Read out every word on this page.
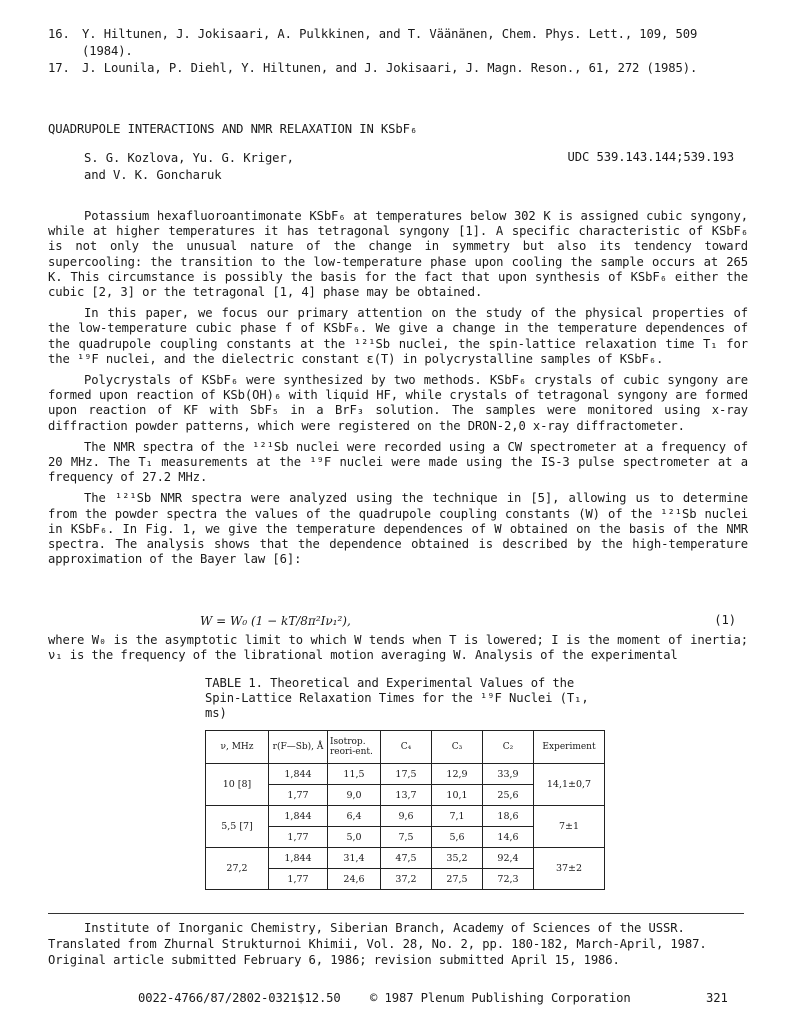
16.	Y. Hiltunen, J. Jokisaari, A. Pulkkinen, and T. Väänänen, Chem. Phys. Lett., 109, 509 (1984).
17.	J. Lounila, P. Diehl, Y. Hiltunen, and J. Jokisaari, J. Magn. Reson., 61, 272 (1985).
QUADRUPOLE INTERACTIONS AND NMR RELAXATION IN KSbF₆
S. G. Kozlova, Yu. G. Kriger,
and V. K. Goncharuk
UDC 539.143.144;539.193

Potassium hexafluoroantimonate KSbF₆ at temperatures below 302 K is assigned cubic syngony, while at higher temperatures it has tetragonal syngony [1]. A specific characteristic of KSbF₆ is not only the unusual nature of the change in symmetry but also its tendency toward supercooling: the transition to the low-temperature phase upon cooling the sample occurs at 265 K. This circumstance is possibly the basis for the fact that upon synthesis of KSbF₆ either the cubic [2, 3] or the tetragonal [1, 4] phase may be obtained.

In this paper, we focus our primary attention on the study of the physical properties of the low-temperature cubic phase f of KSbF₆. We give a change in the temperature dependences of the quadrupole coupling constants at the ¹²¹Sb nuclei, the spin-lattice relaxation time T₁ for the ¹⁹F nuclei, and the dielectric constant ε(T) in polycrystalline samples of KSbF₆.

Polycrystals of KSbF₆ were synthesized by two methods. KSbF₆ crystals of cubic syngony are formed upon reaction of KSb(OH)₆ with liquid HF, while crystals of tetragonal syngony are formed upon reaction of KF with SbF₅ in a BrF₃ solution. The samples were monitored using x-ray diffraction powder patterns, which were registered on the DRON-2,0 x-ray diffractometer.

The NMR spectra of the ¹²¹Sb nuclei were recorded using a CW spectrometer at a frequency of 20 MHz. The T₁ measurements at the ¹⁹F nuclei were made using the IS-3 pulse spectrometer at a frequency of 27.2 MHz.

The ¹²¹Sb NMR spectra were analyzed using the technique in [5], allowing us to determine from the powder spectra the values of the quadrupole coupling constants (W) of the ¹²¹Sb nuclei in KSbF₆. In Fig. 1, we give the temperature dependences of W obtained on the basis of the NMR spectra. The analysis shows that the dependence obtained is described by the high-temperature approximation of the Bayer law [6]:

W = W₀ (1 − kT/8π²Iν₁²),	(1)

where W₀ is the asymptotic limit to which W tends when T is lowered; I is the moment of inertia; ν₁ is the frequency of the librational motion averaging W. Analysis of the experimental

TABLE 1. Theoretical and Experimental Values of the
Spin-Lattice Relaxation Times for the ¹⁹F Nuclei (T₁,
ms)
ν, MHz	r(F—Sb), Å	Isotrop. reori-ent.	C₄	C₃	C₂	Experiment
10 [8]	1,844	11,5	17,5	12,9	33,9	14,1±0,7
	1,77	9,0	13,7	10,1	25,6	
5,5 [7]	1,844	6,4	9,6	7,1	18,6	7±1
	1,77	5,0	7,5	5,6	14,6	
27,2	1,844	31,4	47,5	35,2	92,4	37±2
	1,77	24,6	37,2	27,5	72,3	
Institute of Inorganic Chemistry, Siberian Branch, Academy of Sciences of the USSR.
Translated from Zhurnal Strukturnoi Khimii, Vol. 28, No. 2, pp. 180-182, March-April, 1987.
Original article submitted February 6, 1986; revision submitted April 15, 1986.
0022-4766/87/2802-0321$12.50 © 1987 Plenum Publishing Corporation	321
